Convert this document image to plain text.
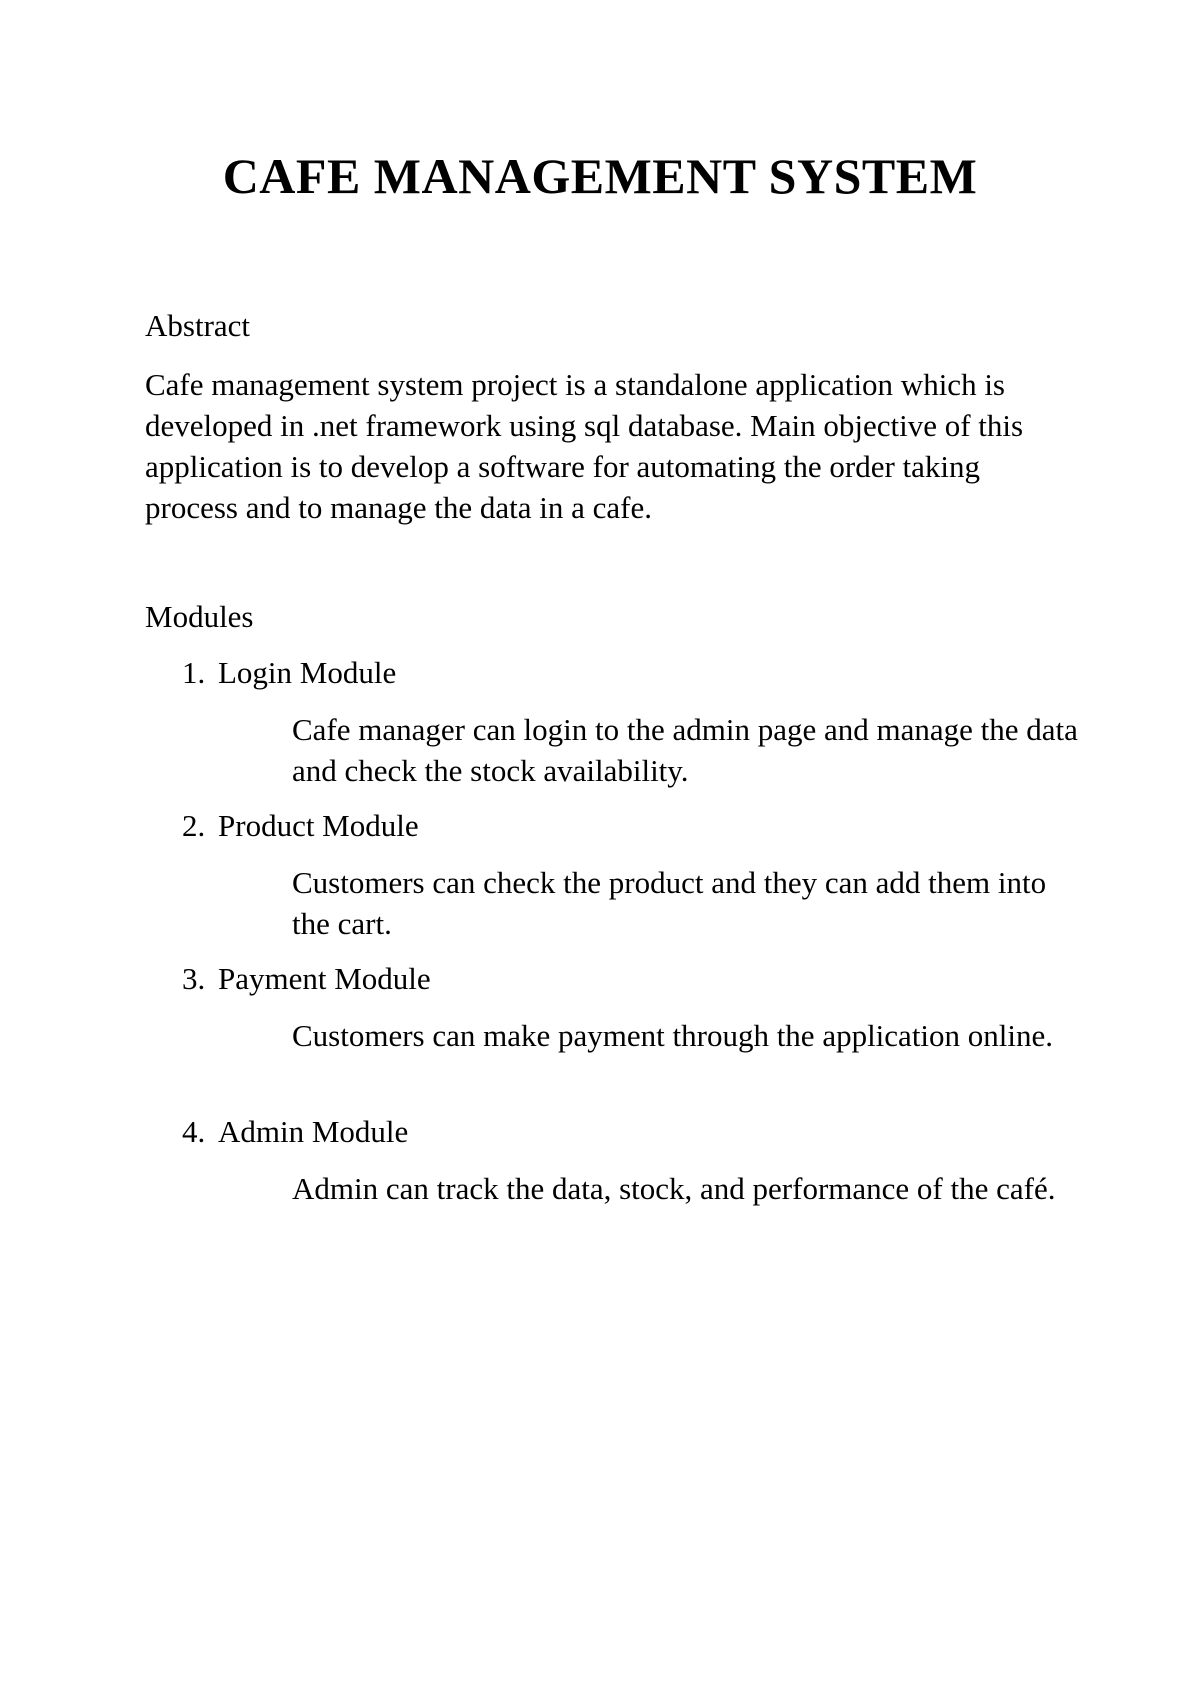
CAFE MANAGEMENT SYSTEM
Abstract

Cafe management system project is a standalone application which is developed in .net framework using sql database. Main objective of this application is to develop a software for automating the order taking process and to manage the data in a cafe.

Modules
1. Login Module

Cafe manager can login to the admin page and manage the data and check the stock availability.

2. Product Module

Customers can check the product and they can add them into the cart.

3. Payment Module

Customers can make payment through the application online.

4. Admin Module

Admin can track the data, stock, and performance of the café.
